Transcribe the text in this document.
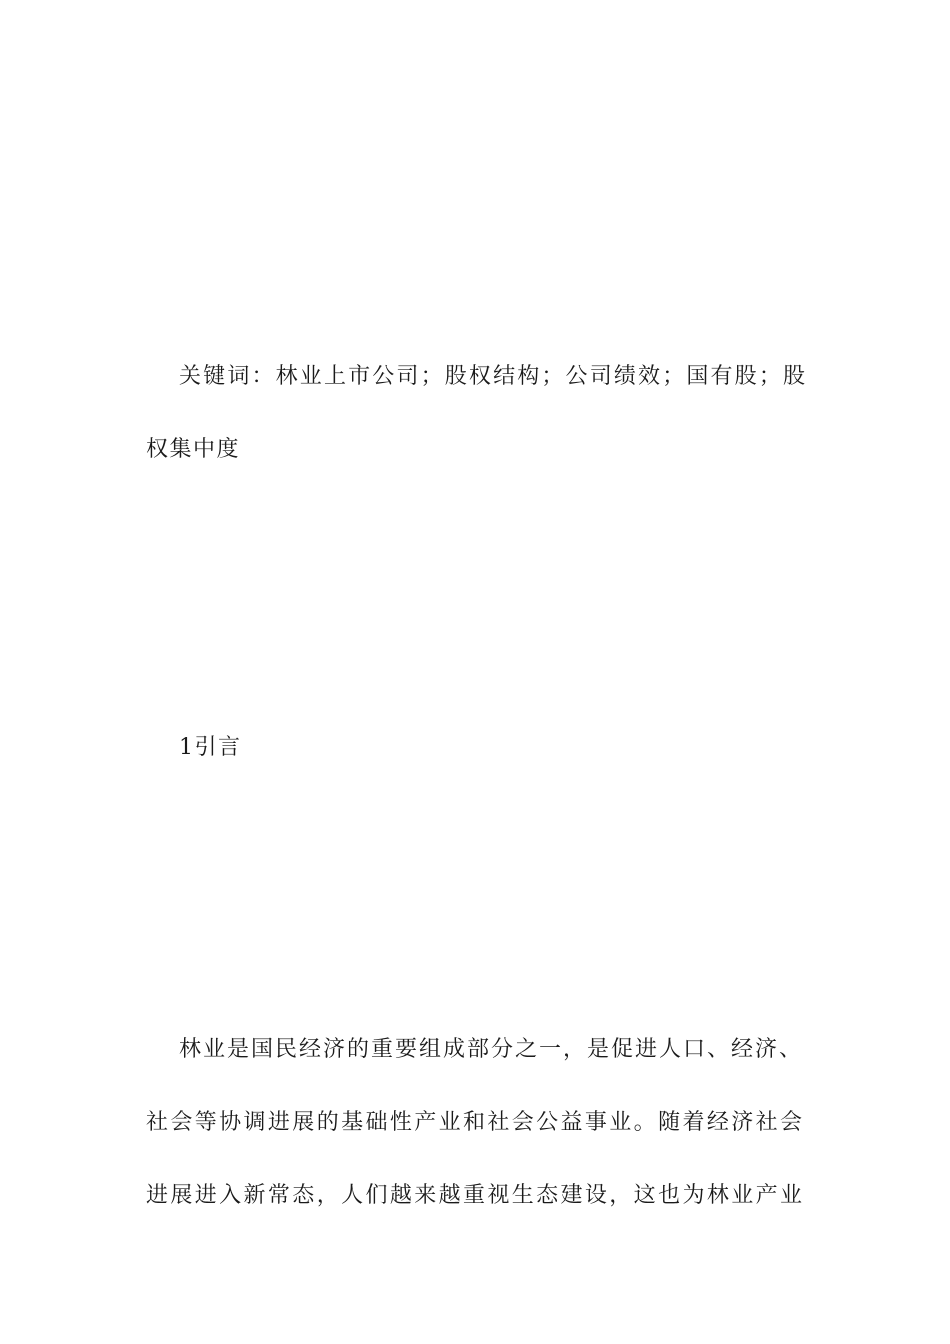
关键词：林业上市公司；股权结构；公司绩效；国有股；股
权集中度
1引言
林业是国民经济的重要组成部分之一，是促进人口、经济、
社会等协调进展的基础性产业和社会公益事业。随着经济社会
进展进入新常态，人们越来越重视生态建设，这也为林业产业
